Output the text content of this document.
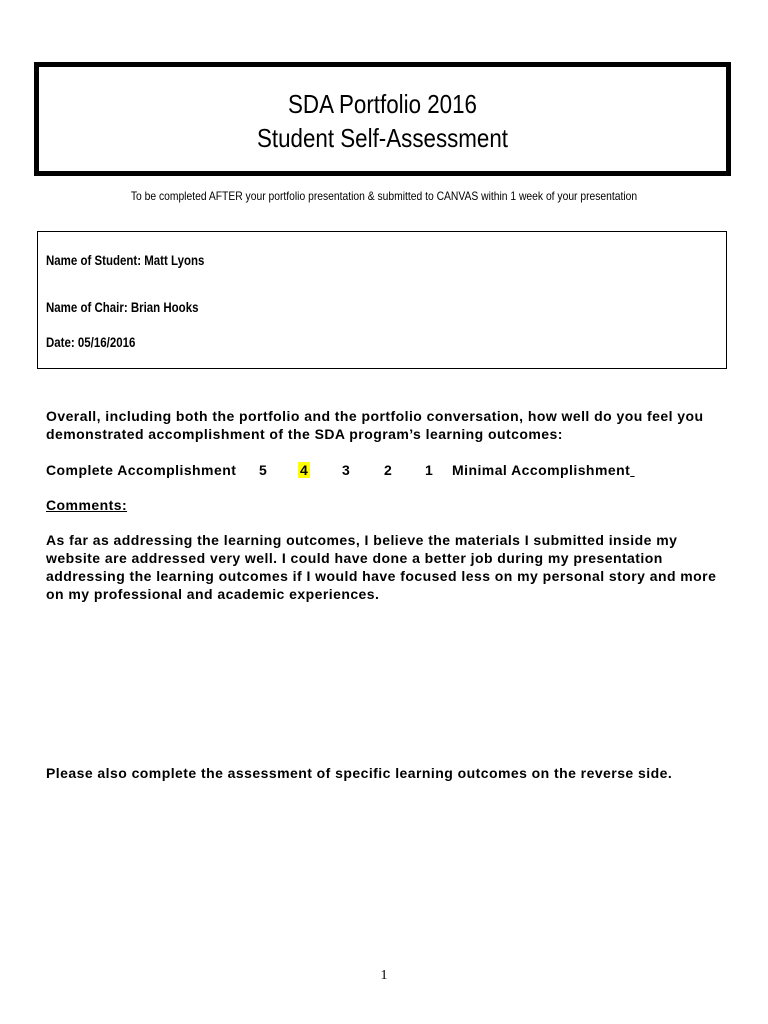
SDA Portfolio 2016
Student Self-Assessment
To be completed AFTER your portfolio presentation & submitted to CANVAS within 1 week of your presentation
Name of Student: Matt Lyons
Name of Chair: Brian Hooks
Date: 05/16/2016
Overall, including both the portfolio and the portfolio conversation, how well do you feel you
demonstrated accomplishment of the SDA program’s learning outcomes:
Complete Accomplishment 5 4 3 2 1 Minimal Accomplishment
Comments:
As far as addressing the learning outcomes, I believe the materials I submitted inside my
website are addressed very well. I could have done a better job during my presentation
addressing the learning outcomes if I would have focused less on my personal story and more
on my professional and academic experiences.
Please also complete the assessment of specific learning outcomes on the reverse side.
1
